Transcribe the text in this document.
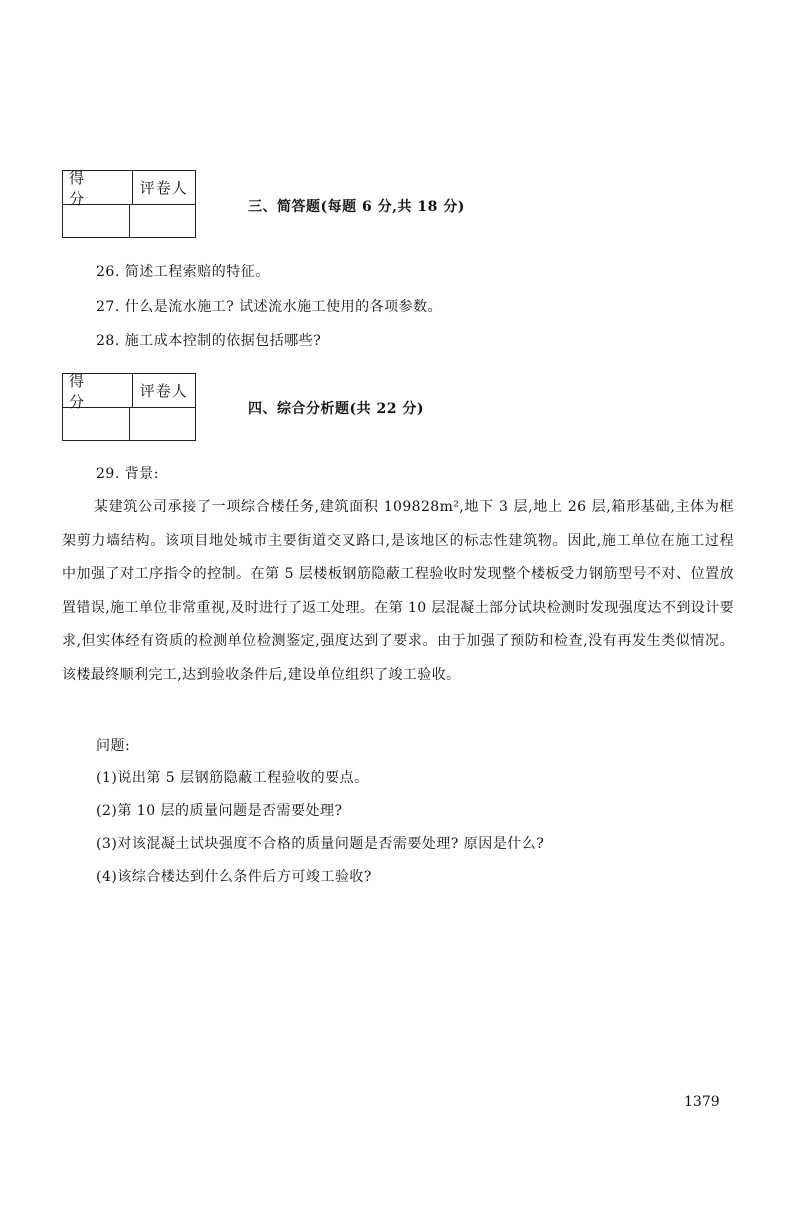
得 分
评卷人
三、简答题(每题 6 分,共 18 分)
26. 简述工程索赔的特征。
27. 什么是流水施工? 试述流水施工使用的各项参数。
28. 施工成本控制的依据包括哪些?
得 分
评卷人
四、综合分析题(共 22 分)
29. 背景:

某建筑公司承接了一项综合楼任务,建筑面积 109828m²,地下 3 层,地上 26 层,箱形基础,主体为框架剪力墙结构。该项目地处城市主要街道交叉路口,是该地区的标志性建筑物。因此,施工单位在施工过程中加强了对工序指令的控制。在第 5 层楼板钢筋隐蔽工程验收时发现整个楼板受力钢筋型号不对、位置放置错误,施工单位非常重视,及时进行了返工处理。在第 10 层混凝土部分试块检测时发现强度达不到设计要求,但实体经有资质的检测单位检测鉴定,强度达到了要求。由于加强了预防和检查,没有再发生类似情况。该楼最终顺利完工,达到验收条件后,建设单位组织了竣工验收。

问题:
(1)说出第 5 层钢筋隐蔽工程验收的要点。
(2)第 10 层的质量问题是否需要处理?
(3)对该混凝土试块强度不合格的质量问题是否需要处理? 原因是什么?
(4)该综合楼达到什么条件后方可竣工验收?
1379
